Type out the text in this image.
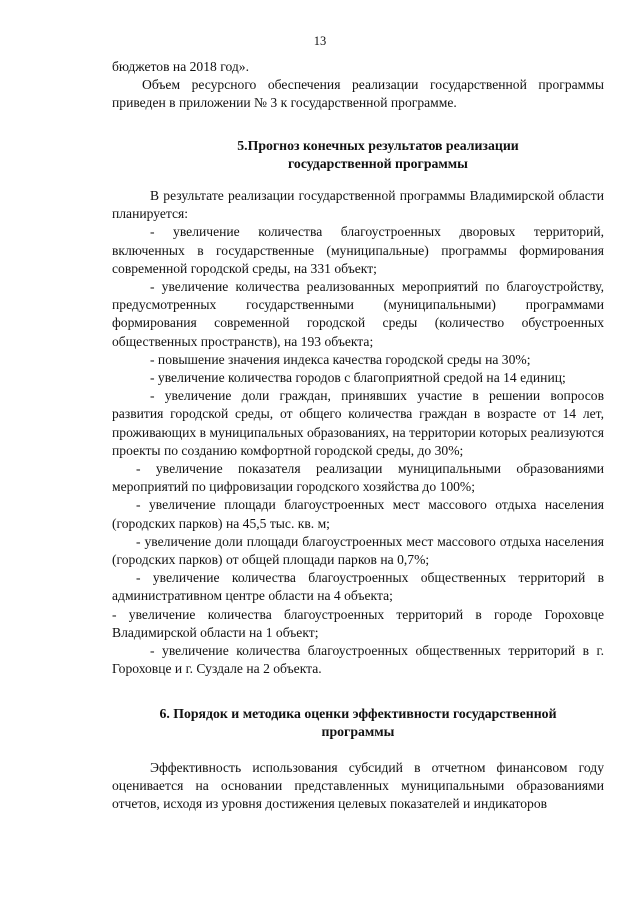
13

бюджетов на 2018 год».

Объем ресурсного обеспечения реализации государственной программы приведен в приложении № 3 к государственной программе.

5.Прогноз конечных результатов реализации
государственной программы

В результате реализации государственной программы Владимирской области планируется:

- увеличение количества благоустроенных дворовых территорий, включенных в государственные (муниципальные) программы формирования современной городской среды, на 331 объект;

- увеличение количества реализованных мероприятий по благоустройству, предусмотренных государственными (муниципальными) программами формирования современной городской среды (количество обустроенных общественных пространств), на 193 объекта;

- повышение значения индекса качества городской среды на 30%;

- увеличение количества городов с благоприятной средой на 14 единиц;

- увеличение доли граждан, принявших участие в решении вопросов развития городской среды, от общего количества граждан в возрасте от 14 лет, проживающих в муниципальных образованиях, на территории которых реализуются проекты по созданию комфортной городской среды, до 30%;

- увеличение показателя реализации муниципальными образованиями мероприятий по цифровизации городского хозяйства до 100%;

- увеличение площади благоустроенных мест массового отдыха населения (городских парков) на 45,5 тыс. кв. м;

- увеличение доли площади благоустроенных мест массового отдыха населения (городских парков) от общей площади парков на 0,7%;

- увеличение количества благоустроенных общественных территорий в административном центре области на 4 объекта;

- увеличение количества благоустроенных территорий в городе Гороховце Владимирской области на 1 объект;

- увеличение количества благоустроенных общественных территорий в г. Гороховце и г. Суздале на 2 объекта.

6. Порядок и методика оценки эффективности государственной
программы

Эффективность использования субсидий в отчетном финансовом году оценивается на основании представленных муниципальными образованиями отчетов, исходя из уровня достижения целевых показателей и индикаторов
